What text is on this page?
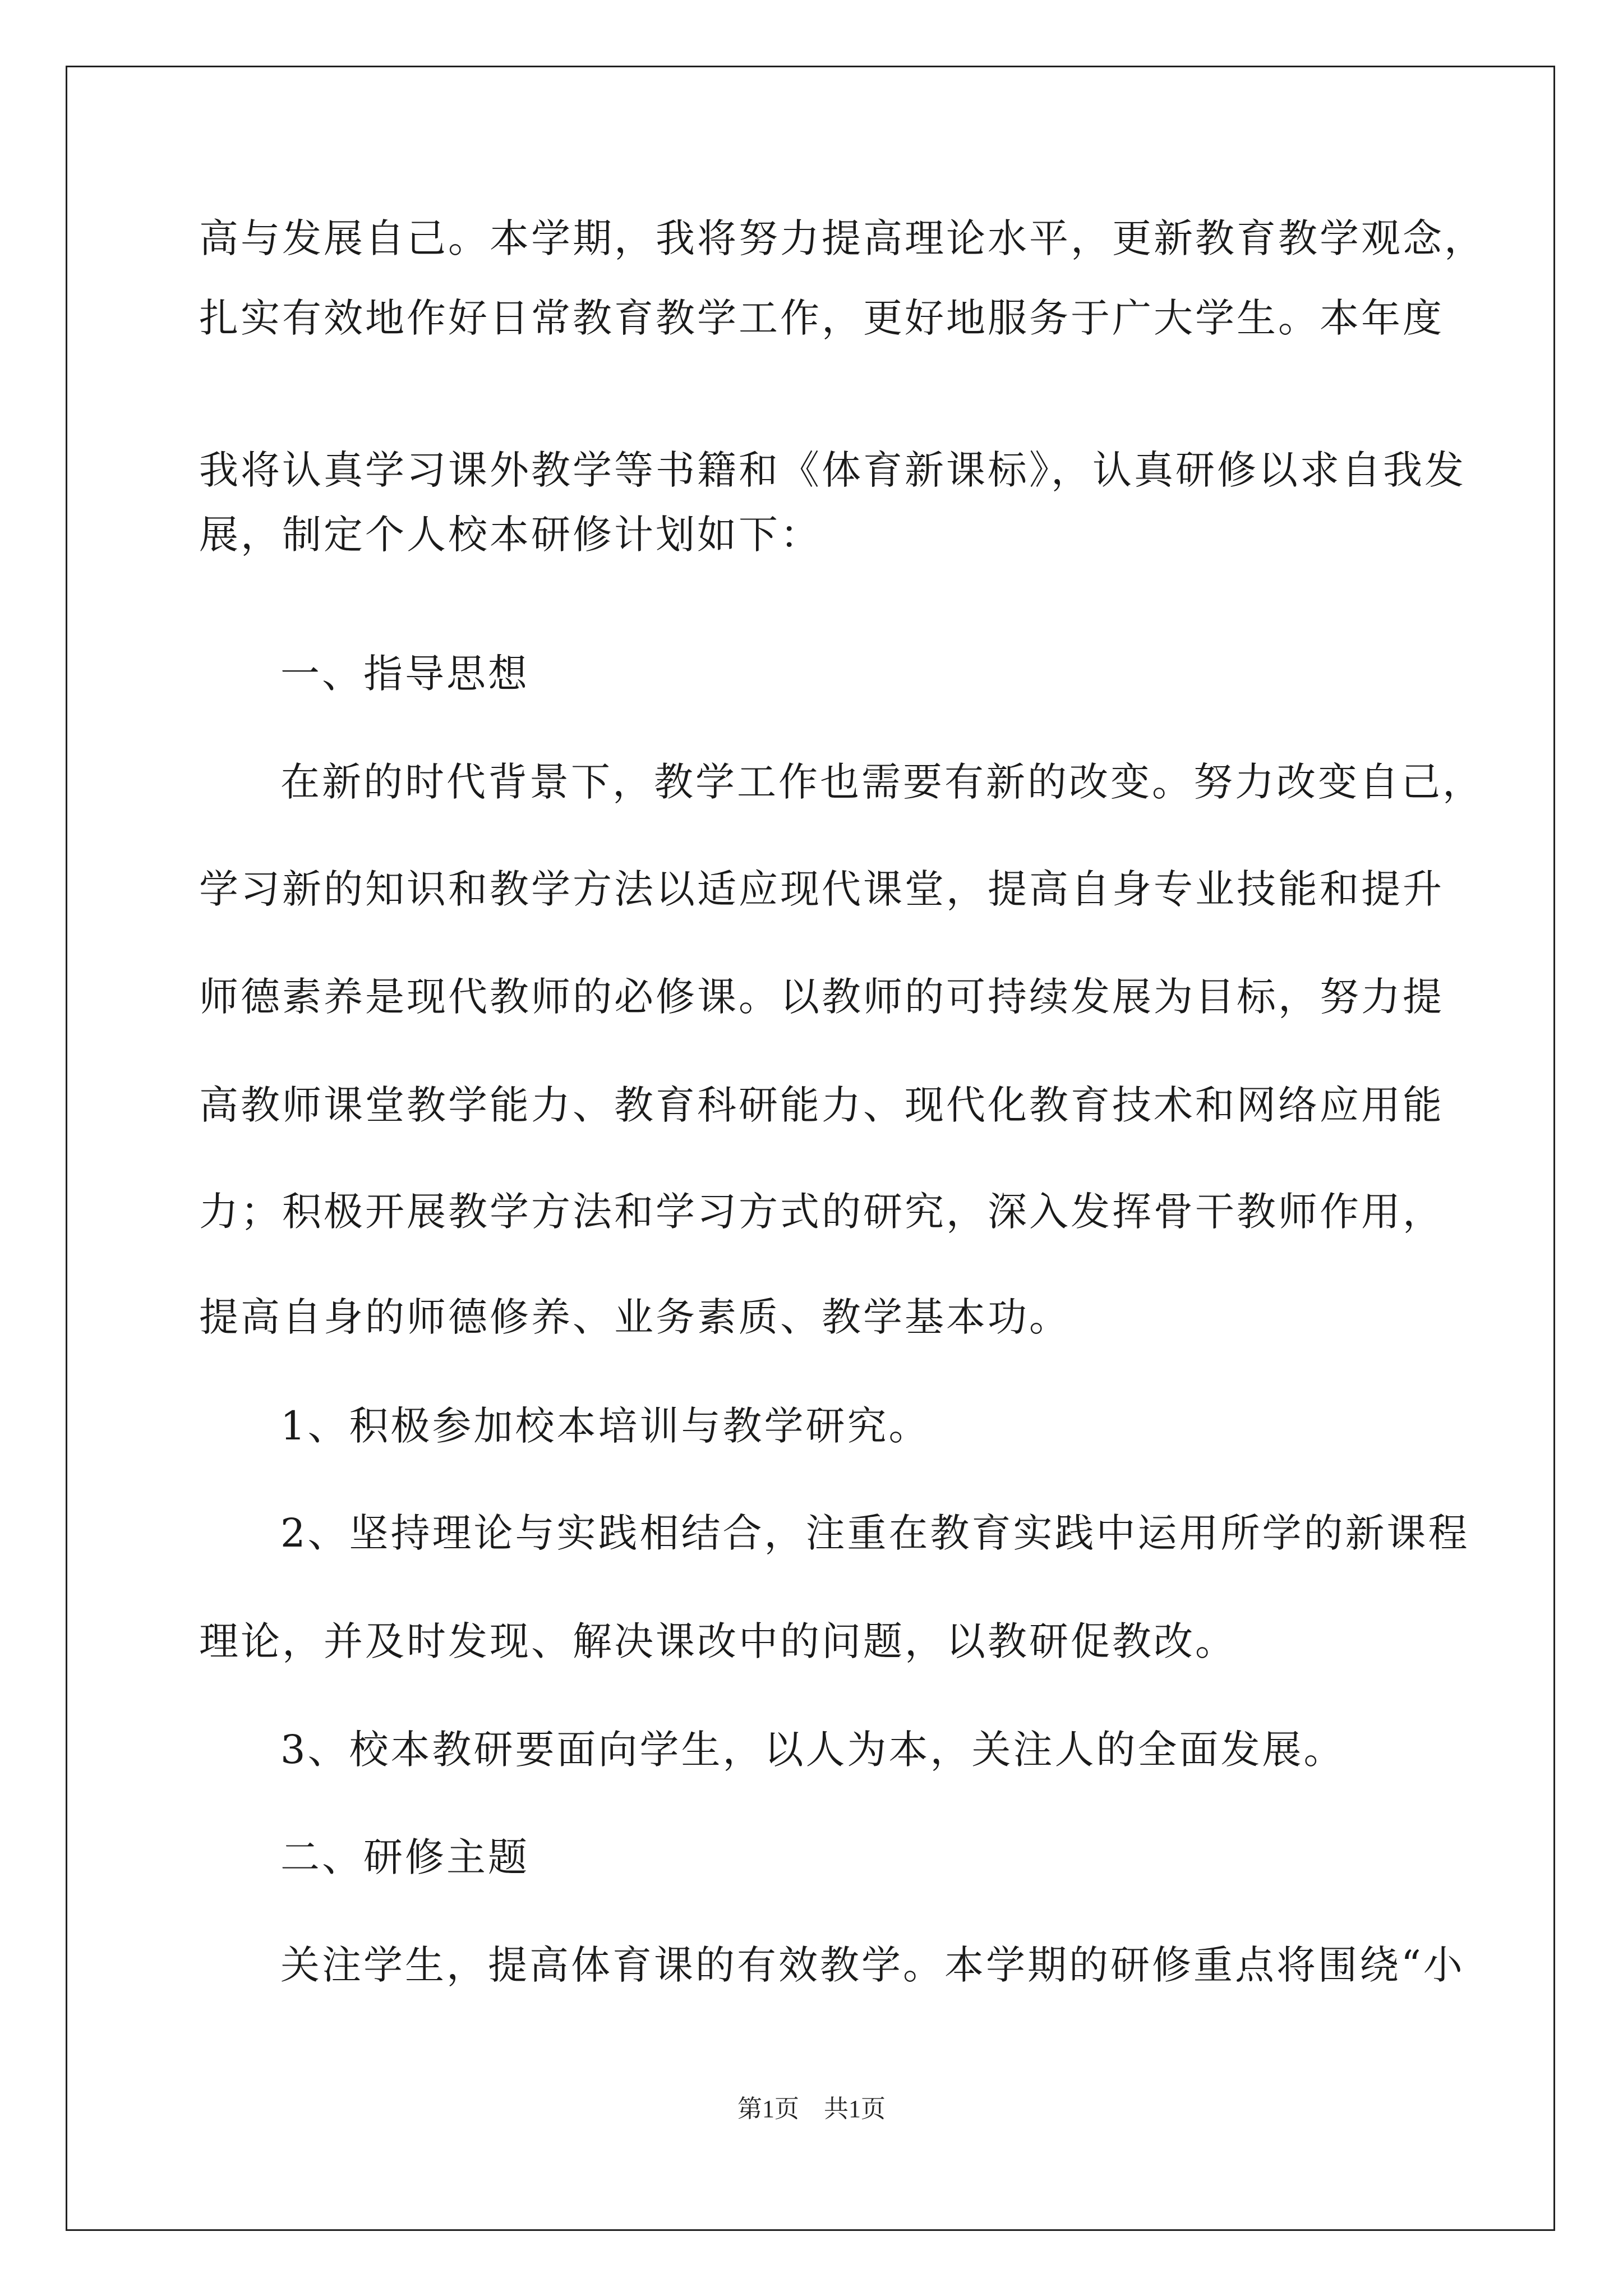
高与发展自己。本学期，我将努力提高理论水平，更新教育教学观念，
扎实有效地作好日常教育教学工作，更好地服务于广大学生。本年度
我将认真学习课外教学等书籍和《体育新课标》，认真研修以求自我发
展，制定个人校本研修计划如下：
一、指导思想
在新的时代背景下，教学工作也需要有新的改变。努力改变自己，
学习新的知识和教学方法以适应现代课堂，提高自身专业技能和提升
师德素养是现代教师的必修课。以教师的可持续发展为目标，努力提
高教师课堂教学能力、教育科研能力、现代化教育技术和网络应用能
力；积极开展教学方法和学习方式的研究，深入发挥骨干教师作用，
提高自身的师德修养、业务素质、教学基本功。
1、积极参加校本培训与教学研究。
2、坚持理论与实践相结合，注重在教育实践中运用所学的新课程
理论，并及时发现、解决课改中的问题，以教研促教改。
3、校本教研要面向学生，以人为本，关注人的全面发展。
二、研修主题
关注学生，提高体育课的有效教学。本学期的研修重点将围绕“小
第1页　共1页
